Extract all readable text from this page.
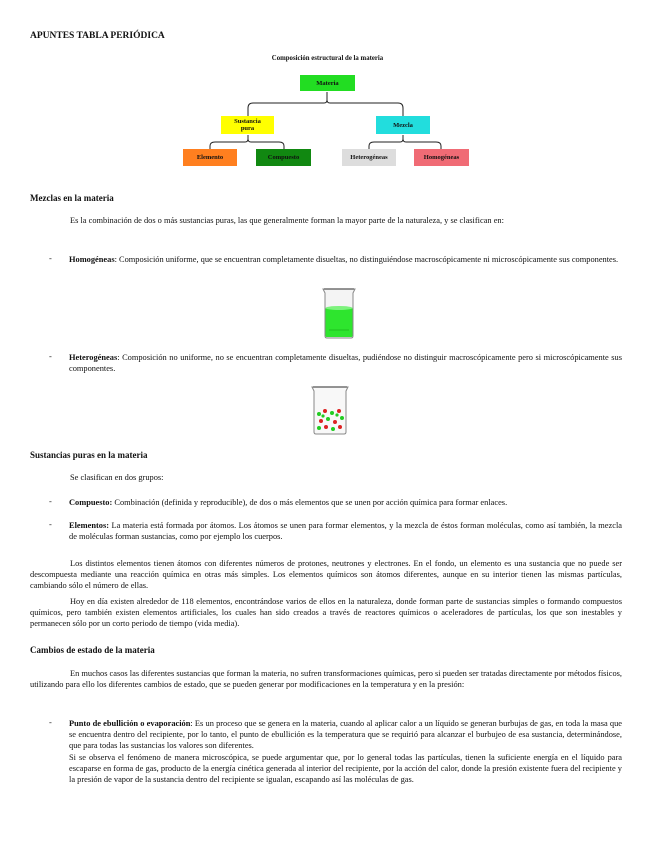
APUNTES TABLA PERIÓDICA
Composición estructural de la materia
Materia
Sustancia pura	Mezcla
Elemento	Compuesto	Heterogéneas	Homogéneas
Mezclas en la materia
Es la combinación de dos o más sustancias puras, las que generalmente forman la mayor parte de la naturaleza, y se clasifican en:
- Homogéneas: Composición uniforme, que se encuentran completamente disueltas, no distinguiéndose macroscópicamente ni microscópicamente sus componentes.
- Heterogéneas: Composición no uniforme, no se encuentran completamente disueltas, pudiéndose no distinguir macroscópicamente pero si microscópicamente sus componentes.
Sustancias puras en la materia
Se clasifican en dos grupos:
- Compuesto: Combinación (definida y reproducible), de dos o más elementos que se unen por acción química para formar enlaces.
- Elementos: La materia está formada por átomos. Los átomos se unen para formar elementos, y la mezcla de éstos forman moléculas, como así también, la mezcla de moléculas forman sustancias, como por ejemplo los cuerpos.
Los distintos elementos tienen átomos con diferentes números de protones, neutrones y electrones. En el fondo, un elemento es una sustancia que no puede ser descompuesta mediante una reacción química en otras más simples. Los elementos químicos son átomos diferentes, aunque en su interior tienen las mismas partículas, cambiando sólo el número de ellas.
Hoy en día existen alrededor de 118 elementos, encontrándose varios de ellos en la naturaleza, donde forman parte de sustancias simples o formando compuestos químicos, pero también existen elementos artificiales, los cuales han sido creados a través de reactores químicos o aceleradores de partículas, los que son inestables y permanecen sólo por un corto periodo de tiempo (vida media).
Cambios de estado de la materia
En muchos casos las diferentes sustancias que forman la materia, no sufren transformaciones químicas, pero si pueden ser tratadas directamente por métodos físicos, utilizando para ello los diferentes cambios de estado, que se pueden generar por modificaciones en la temperatura y en la presión:
- Punto de ebullición o evaporación: Es un proceso que se genera en la materia, cuando al aplicar calor a un líquido se generan burbujas de gas, en toda la masa que se encuentra dentro del recipiente, por lo tanto, el punto de ebullición es la temperatura que se requirió para alcanzar el burbujeo de esa sustancia, determinándose, que para todas las sustancias los valores son diferentes.
Si se observa el fenómeno de manera microscópica, se puede argumentar que, por lo general todas las partículas, tienen la suficiente energía en el líquido para escaparse en forma de gas, producto de la energía cinética generada al interior del recipiente, por la acción del calor, donde la presión existente fuera del recipiente y la presión de vapor de la sustancia dentro del recipiente se igualan, escapando así las moléculas de gas.
